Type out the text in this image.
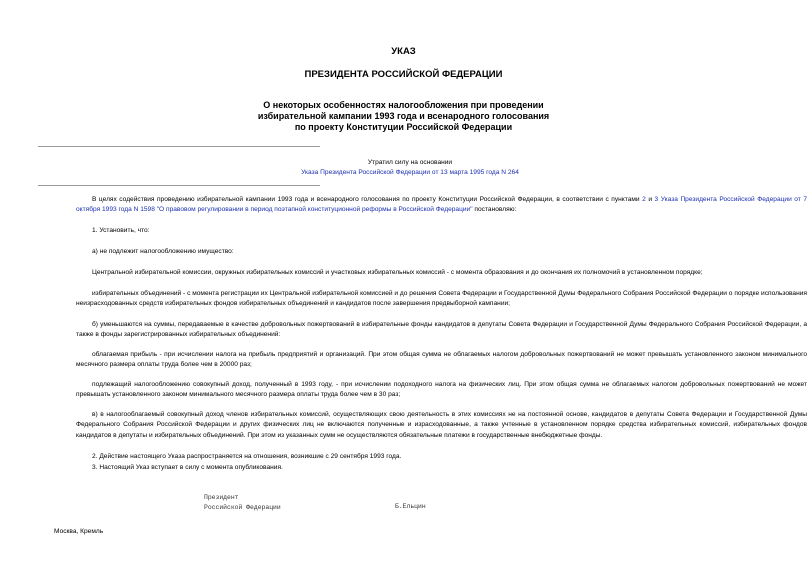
УКАЗ
ПРЕЗИДЕНТА РОССИЙСКОЙ ФЕДЕРАЦИИ
О некоторых особенностях налогообложения при проведении
избирательной кампании 1993 года и всенародного голосования
по проекту Конституции Российской Федерации
Утратил силу на основании
Указа Президента Российской Федерации от 13 марта 1995 года N 264

В целях содействия проведению избирательной кампании 1993 года и всенародного голосования по проекту Конституции Российской Федерации, в соответствии с пунктами 2 и 3 Указа Президента Российской Федерации от 7 октября 1993 года N 1598 "О правовом регулировании в период поэтапной конституционной реформы в Российской Федерации" постановляю:

1. Установить, что:

а) не подлежит налогообложению имущество:

Центральной избирательной комиссии, окружных избирательных комиссий и участковых избирательных комиссий - с момента образования и до окончания их полномочий в установленном порядке;

избирательных объединений - с момента регистрации их Центральной избирательной комиссией и до решения Совета Федерации и Государственной Думы Федерального Собрания Российской Федерации о порядке использования неизрасходованных средств избирательных фондов избирательных объединений и кандидатов после завершения предвыборной кампании;

б) уменьшаются на суммы, передаваемые в качестве добровольных пожертвований в избирательные фонды кандидатов в депутаты Совета Федерации и Государственной Думы Федерального Собрания Российской Федерации, а также в фонды зарегистрированных избирательных объединений:

облагаемая прибыль - при исчислении налога на прибыль предприятий и организаций. При этом общая сумма не облагаемых налогом добровольных пожертвований не может превышать установленного законом минимального месячного размера оплаты труда более чем в 20000 раз;

подлежащий налогообложению совокупный доход, полученный в 1993 году, - при исчислении подоходного налога на физических лиц. При этом общая сумма не облагаемых налогом добровольных пожертвований не может превышать установленного законом минимального месячного размера оплаты труда более чем в 30 раз;

в) в налогооблагаемый совокупный доход членов избирательных комиссий, осуществляющих свою деятельность в этих комиссиях не на постоянной основе, кандидатов в депутаты Совета Федерации и Государственной Думы Федерального Собрания Российской Федерации и других физических лиц не включаются полученные и израсходованные, а также учтенные в установленном порядке средства избирательных комиссий, избирательных фондов кандидатов в депутаты и избирательных объединений. При этом из указанных сумм не осуществляются обязательные платежи в государственные внебюджетные фонды.

2. Действие настоящего Указа распространяется на отношения, возникшие с 29 сентября 1993 года.

3. Настоящий Указ вступает в силу с момента опубликования.

Президент
Российской Федерации	Б.Ельцин
Москва, Кремль
